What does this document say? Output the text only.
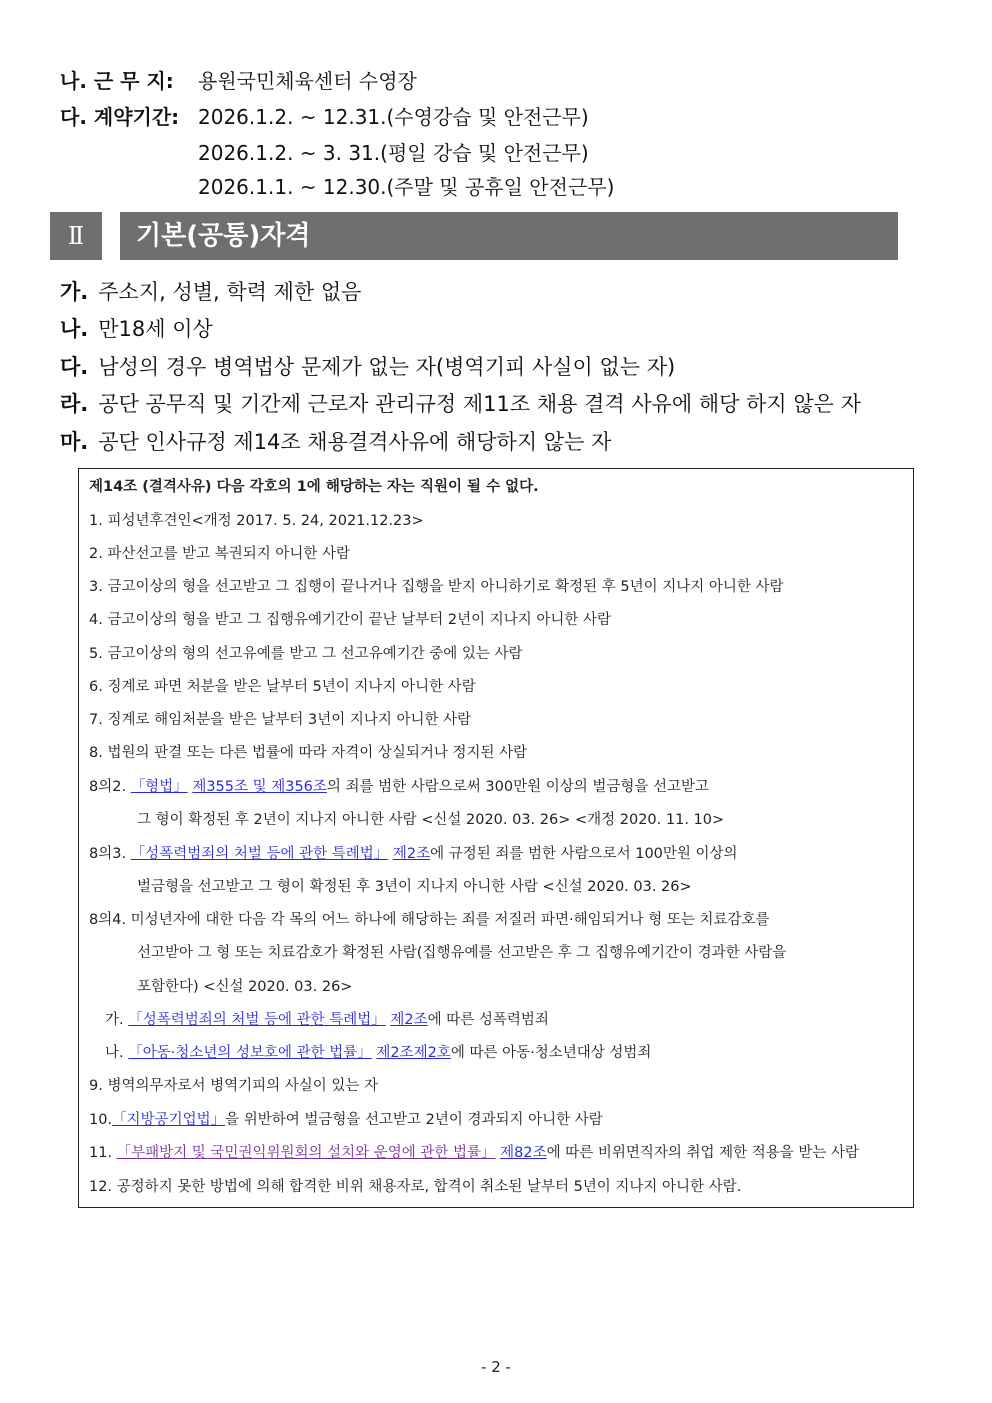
나. 근 무 지: 용원국민체육센터 수영장
다. 계약기간: 2026.1.2. ~ 12.31.(수영강습 및 안전근무)
2026.1.2. ~ 3. 31.(평일 강습 및 안전근무)
2026.1.1. ~ 12.30.(주말 및 공휴일 안전근무)
Ⅱ	기본(공통)자격
가. 주소지, 성별, 학력 제한 없음
나. 만18세 이상
다. 남성의 경우 병역법상 문제가 없는 자(병역기피 사실이 없는 자)
라. 공단 공무직 및 기간제 근로자 관리규정 제11조 채용 결격 사유에 해당 하지 않은 자
마. 공단 인사규정 제14조 채용결격사유에 해당하지 않는 자
제14조 (결격사유) 다음 각호의 1에 해당하는 자는 직원이 될 수 없다.
1. 피성년후견인<개정 2017. 5. 24, 2021.12.23>
2. 파산선고를 받고 복권되지 아니한 사람
3. 금고이상의 형을 선고받고 그 집행이 끝나거나 집행을 받지 아니하기로 확정된 후 5년이 지나지 아니한 사람
4. 금고이상의 형을 받고 그 집행유예기간이 끝난 날부터 2년이 지나지 아니한 사람
5. 금고이상의 형의 선고유예를 받고 그 선고유예기간 중에 있는 사람
6. 징계로 파면 처분을 받은 날부터 5년이 지나지 아니한 사람
7. 징계로 해임처분을 받은 날부터 3년이 지나지 아니한 사람
8. 법원의 판결 또는 다른 법률에 따라 자격이 상실되거나 정지된 사람
8의2. 「형법」 제355조 및 제356조의 죄를 범한 사람으로써 300만원 이상의 벌금형을 선고받고
그 형이 확정된 후 2년이 지나지 아니한 사람 <신설 2020. 03. 26> <개정 2020. 11. 10>
8의3. 「성폭력범죄의 처벌 등에 관한 특례법」 제2조에 규정된 죄를 범한 사람으로서 100만원 이상의
벌금형을 선고받고 그 형이 확정된 후 3년이 지나지 아니한 사람 <신설 2020. 03. 26>
8의4. 미성년자에 대한 다음 각 목의 어느 하나에 해당하는 죄를 저질러 파면·해임되거나 형 또는 치료감호를
선고받아 그 형 또는 치료감호가 확정된 사람(집행유예를 선고받은 후 그 집행유예기간이 경과한 사람을
포함한다) <신설 2020. 03. 26>
가. 「성폭력범죄의 처벌 등에 관한 특례법」 제2조에 따른 성폭력범죄
나. 「아동·청소년의 성보호에 관한 법률」 제2조제2호에 따른 아동·청소년대상 성범죄
9. 병역의무자로서 병역기피의 사실이 있는 자
10.「지방공기업법」을 위반하여 벌금형을 선고받고 2년이 경과되지 아니한 사람
11. 「부패방지 및 국민권익위원회의 설치와 운영에 관한 법률」 제82조에 따른 비위면직자의 취업 제한 적용을 받는 사람
12. 공정하지 못한 방법에 의해 합격한 비위 채용자로, 합격이 취소된 날부터 5년이 지나지 아니한 사람.
- 2 -
